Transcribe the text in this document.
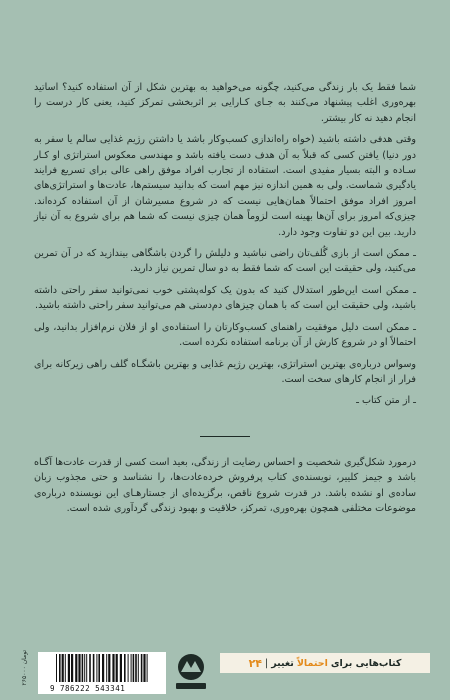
شما فقط یک بار زندگی می‌کنید، چگونه می‌خواهید به بهترین شکل از آن استفاده کنید؟ اساتید بهره‌وری اغلب پیشنهاد می‌کنند به جـای کـارایی بر اثربخشی تمرکز کنید، یعنی کار درست را انجام دهید نه کار بیشتر.

وقتی هدفی داشته باشید (خواه راه‌اندازی کسب‌وکار باشد یا داشتن رژیم غذایی سالم یا سفر به دور دنیا) یافتن کسی که قبلاً به آن هدف دست یافته باشد و مهندسی معکوس استراتژی او کـار سـاده و البته بسیار مفیدی است. استفاده از تجارب افراد موفق راهی عالی برای تسریع فرایند یادگیری شماست. ولی به همین اندازه نیز مهم است که بدانید سیستم‌ها، عادت‌ها و استراتژی‌های امروز افراد موفق احتمالاً همان‌هایی نیست که در شروع مسیرشان از آن استفاده کرده‌اند. چیزی‌که امروز برای آن‌ها بهینه است لزوماً همان چیزی نیست که شما هم برای شروع به آن نیاز دارید. بین این دو تفاوت وجود دارد.

ـ ممکن است از بازی گُلف‌تان راضی نباشید و دلیلش را گردن باشگاهی بیندازید که در آن تمرین می‌کنید، ولی حقیقت این است که شما فقط به دو سال تمرین نیاز دارید.

ـ ممکن است این‌طور استدلال کنید که بدون یک کوله‌پشتی خوب نمی‌توانید سفر راحتی داشته باشید، ولی حقیقت این است که با همان چیزهای دم‌دستی هم می‌توانید سفر راحتی داشته باشید.

ـ ممکن است دلیل موفقیت راهنمای کسب‌وکارتان را استفاده‌ی او از فلان نرم‌افزار بدانید، ولی احتمالاً او در شروع کارش از آن برنامه استفاده نکرده است.

وسواس درباره‌ی بهترین استراتژی، بهترین رژیم غذایی و بهترین باشگـاه گلف راهی زیرکانه برای فرار از انجام کارهای سخت است.

ـ از متن کتاب ـ

درمورد شکل‌گیری شخصیت و احساس رضایت از زندگی، بعید است کسی از قدرت عادت‌ها آگـاه باشد و جیمز کلییر، نویسنده‌ی کتاب پرفروش خرده‌عادت‌ها، را نشناسد و حتی مجذوب زبان ساده‌ی او نشده باشد. در قدرت شروع ناقص، برگزیده‌ای از جستارهـای این نویسنده درباره‌ی موضوعات مختلفی همچون بهره‌وری، تمرکز، خلاقیت و بهبود زندگی گردآوری شده است.

کتاب‌هایی برای
احتمالاً
تغییر
|
۲۴
9 786222 543341
۲۶۵۰۰۰ تومان
